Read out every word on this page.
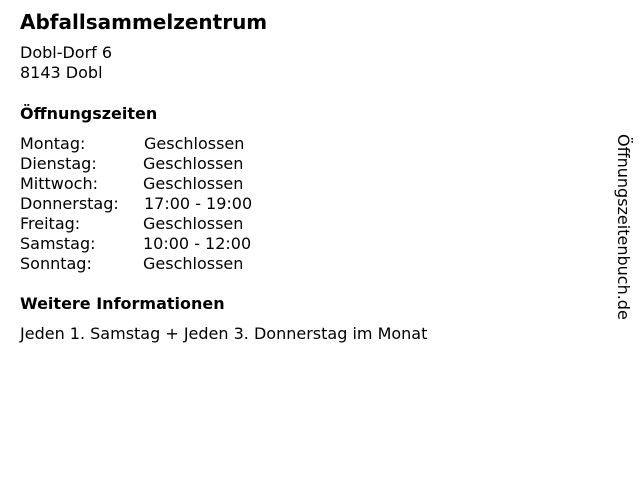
Abfallsammelzentrum
Dobl-Dorf 6
8143 Dobl
Öffnungszeiten
Montag:	Geschlossen
Dienstag:	Geschlossen
Mittwoch:	Geschlossen
Donnerstag: 17:00 - 19:00
Freitag:	Geschlossen
Samstag:	10:00 - 12:00
Sonntag:	Geschlossen
Weitere Informationen
Jeden 1. Samstag + Jeden 3. Donnerstag im Monat
Öffnungszeitenbuch.de
